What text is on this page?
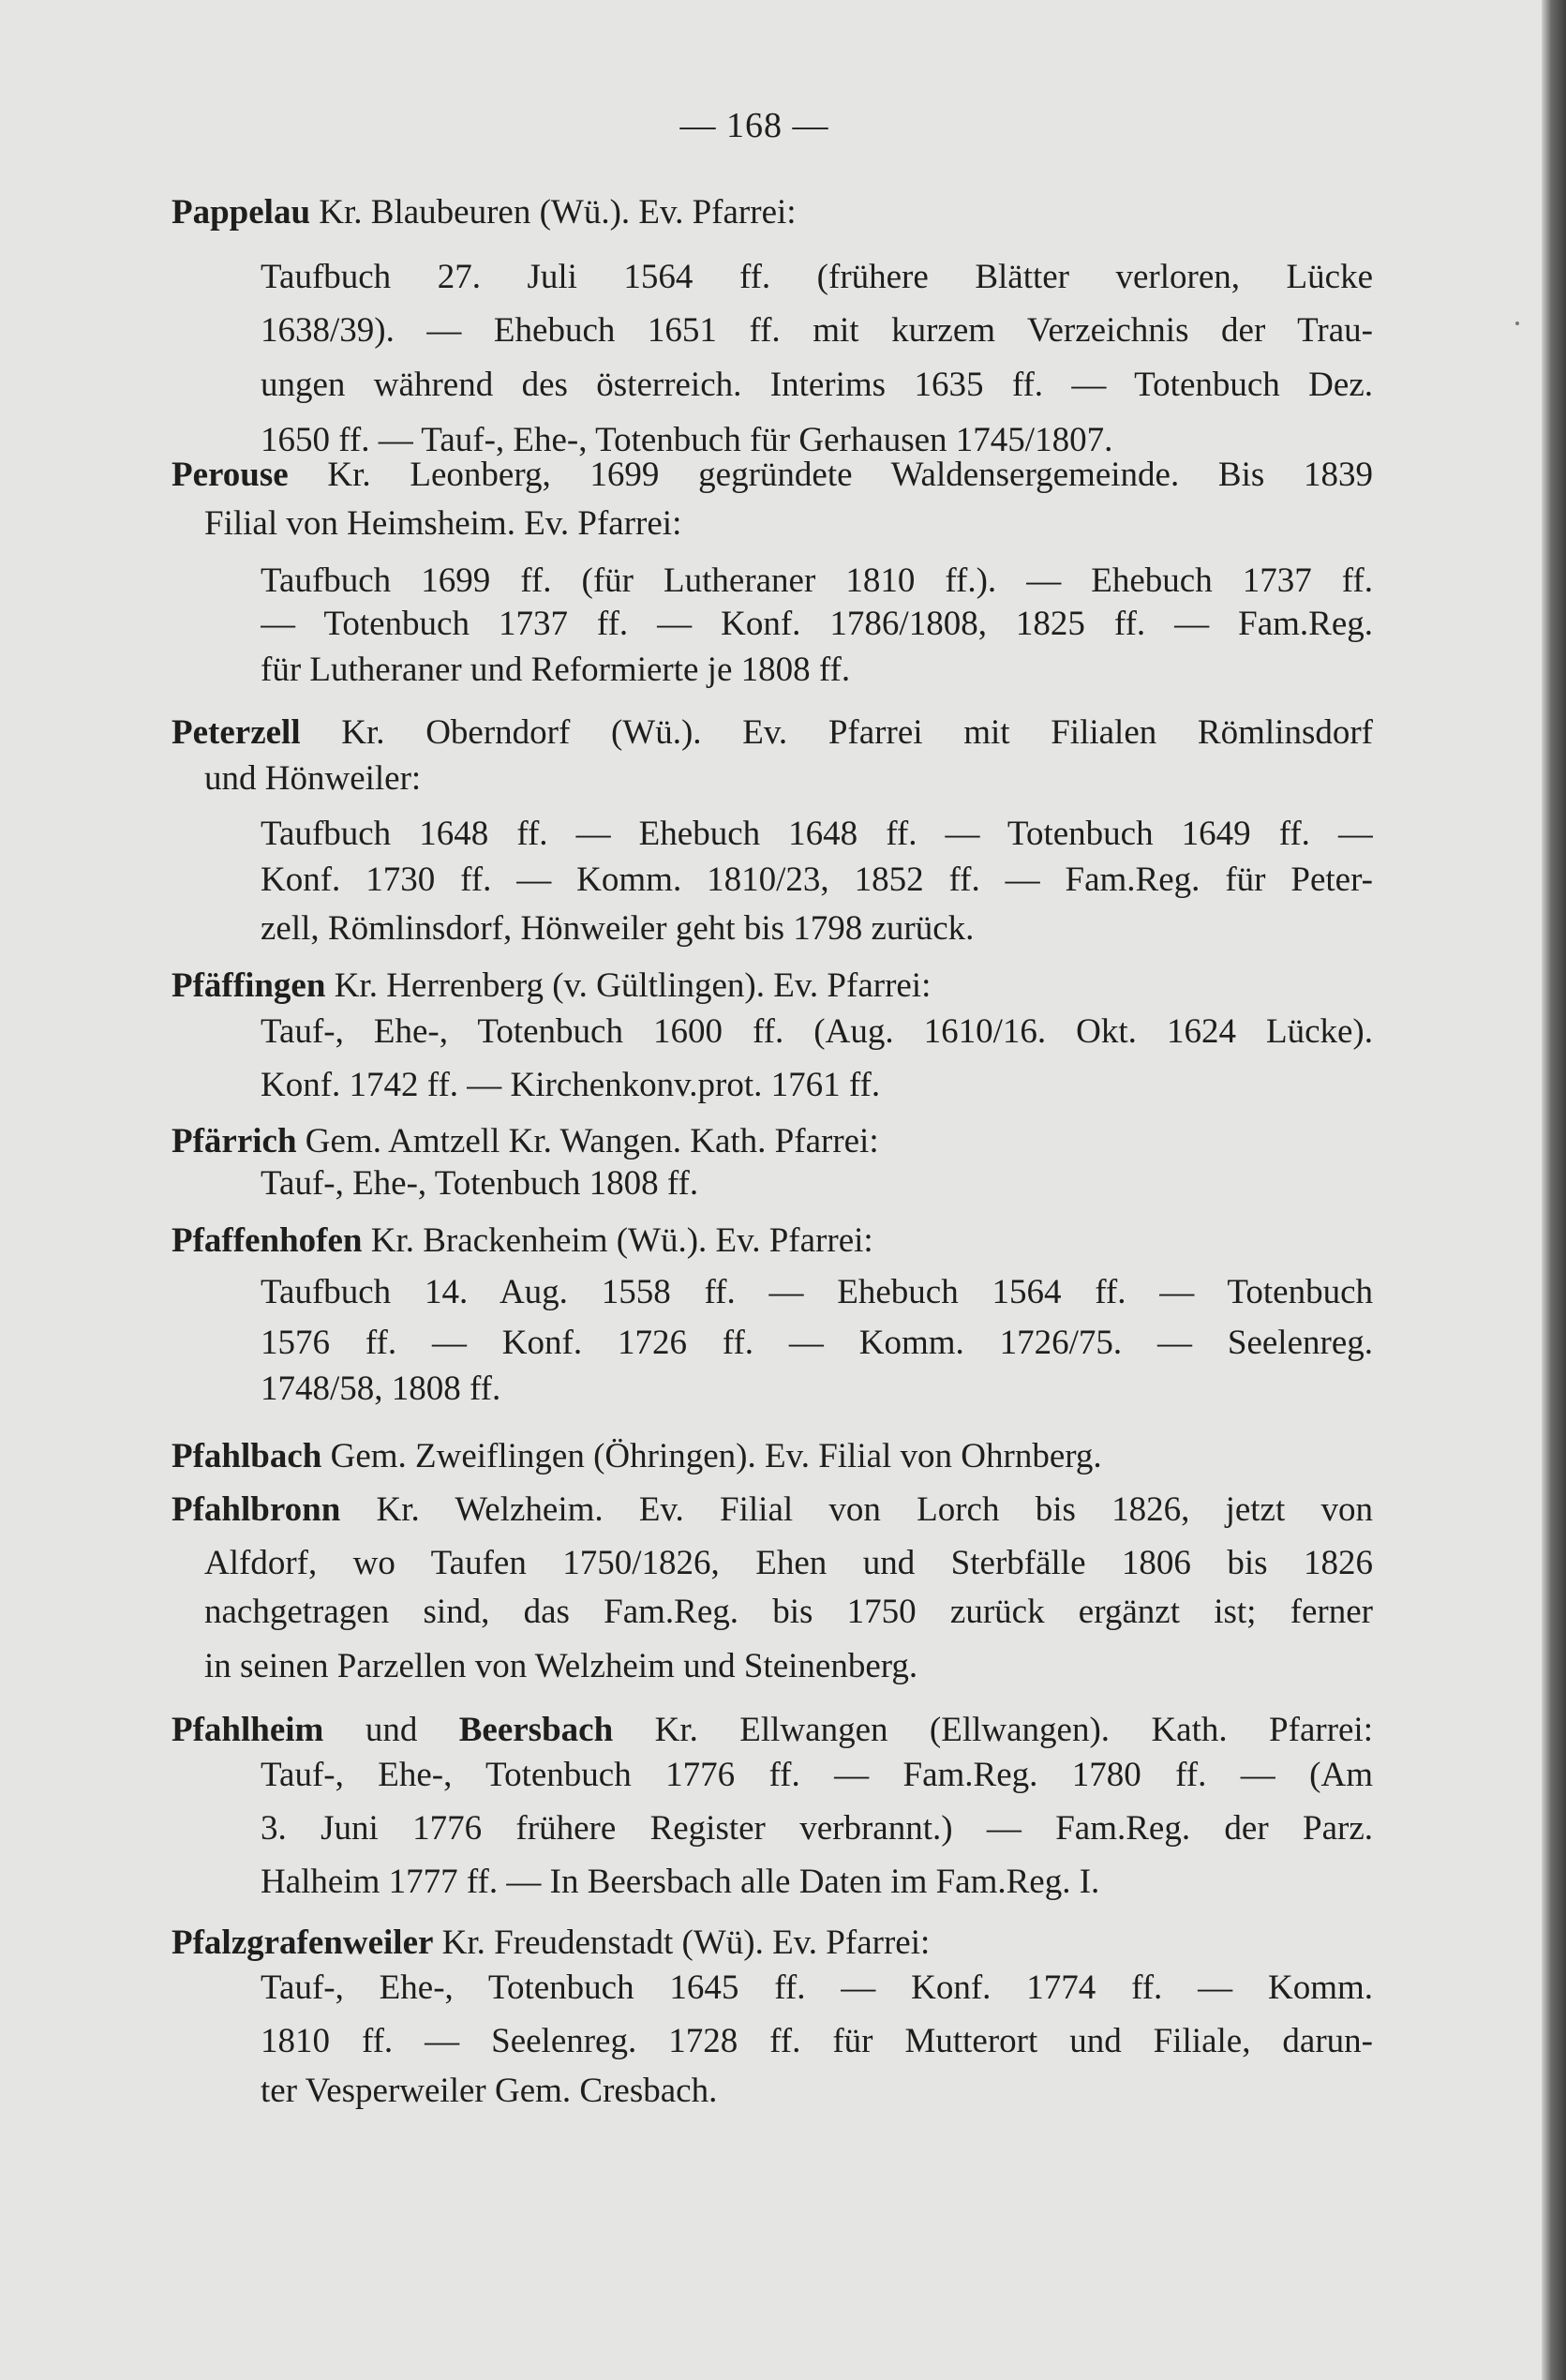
— 168 —
Pappelau Kr. Blaubeuren (Wü.). Ev. Pfarrei:
Taufbuch 27. Juli 1564 ff. (frühere Blätter verloren, Lücke
1638/39). — Ehebuch 1651 ff. mit kurzem Verzeichnis der Trau-
ungen während des österreich. Interims 1635 ff. — Totenbuch Dez.
1650 ff. — Tauf-, Ehe-, Totenbuch für Gerhausen 1745/1807.
Perouse Kr. Leonberg, 1699 gegründete Waldensergemeinde. Bis 1839
Filial von Heimsheim. Ev. Pfarrei:
Taufbuch 1699 ff. (für Lutheraner 1810 ff.). — Ehebuch 1737 ff.
— Totenbuch 1737 ff. — Konf. 1786/1808, 1825 ff. — Fam.Reg.
für Lutheraner und Reformierte je 1808 ff.
Peterzell Kr. Oberndorf (Wü.). Ev. Pfarrei mit Filialen Römlinsdorf
und Hönweiler:
Taufbuch 1648 ff. — Ehebuch 1648 ff. — Totenbuch 1649 ff. —
Konf. 1730 ff. — Komm. 1810/23, 1852 ff. — Fam.Reg. für Peter-
zell, Römlinsdorf, Hönweiler geht bis 1798 zurück.
Pfäffingen Kr. Herrenberg (v. Gültlingen). Ev. Pfarrei:
Tauf-, Ehe-, Totenbuch 1600 ff. (Aug. 1610/16. Okt. 1624 Lücke).
Konf. 1742 ff. — Kirchenkonv.prot. 1761 ff.
Pfärrich Gem. Amtzell Kr. Wangen. Kath. Pfarrei:
Tauf-, Ehe-, Totenbuch 1808 ff.
Pfaffenhofen Kr. Brackenheim (Wü.). Ev. Pfarrei:
Taufbuch 14. Aug. 1558 ff. — Ehebuch 1564 ff. — Totenbuch
1576 ff. — Konf. 1726 ff. — Komm. 1726/75. — Seelenreg.
1748/58, 1808 ff.
Pfahlbach Gem. Zweiflingen (Öhringen). Ev. Filial von Ohrnberg.
Pfahlbronn Kr. Welzheim. Ev. Filial von Lorch bis 1826, jetzt von
Alfdorf, wo Taufen 1750/1826, Ehen und Sterbfälle 1806 bis 1826
nachgetragen sind, das Fam.Reg. bis 1750 zurück ergänzt ist; ferner
in seinen Parzellen von Welzheim und Steinenberg.
Pfahlheim und Beersbach Kr. Ellwangen (Ellwangen). Kath. Pfarrei:
Tauf-, Ehe-, Totenbuch 1776 ff. — Fam.Reg. 1780 ff. — (Am
3. Juni 1776 frühere Register verbrannt.) — Fam.Reg. der Parz.
Halheim 1777 ff. — In Beersbach alle Daten im Fam.Reg. I.
Pfalzgrafenweiler Kr. Freudenstadt (Wü). Ev. Pfarrei:
Tauf-, Ehe-, Totenbuch 1645 ff. — Konf. 1774 ff. — Komm.
1810 ff. — Seelenreg. 1728 ff. für Mutterort und Filiale, darun-
ter Vesperweiler Gem. Cresbach.
